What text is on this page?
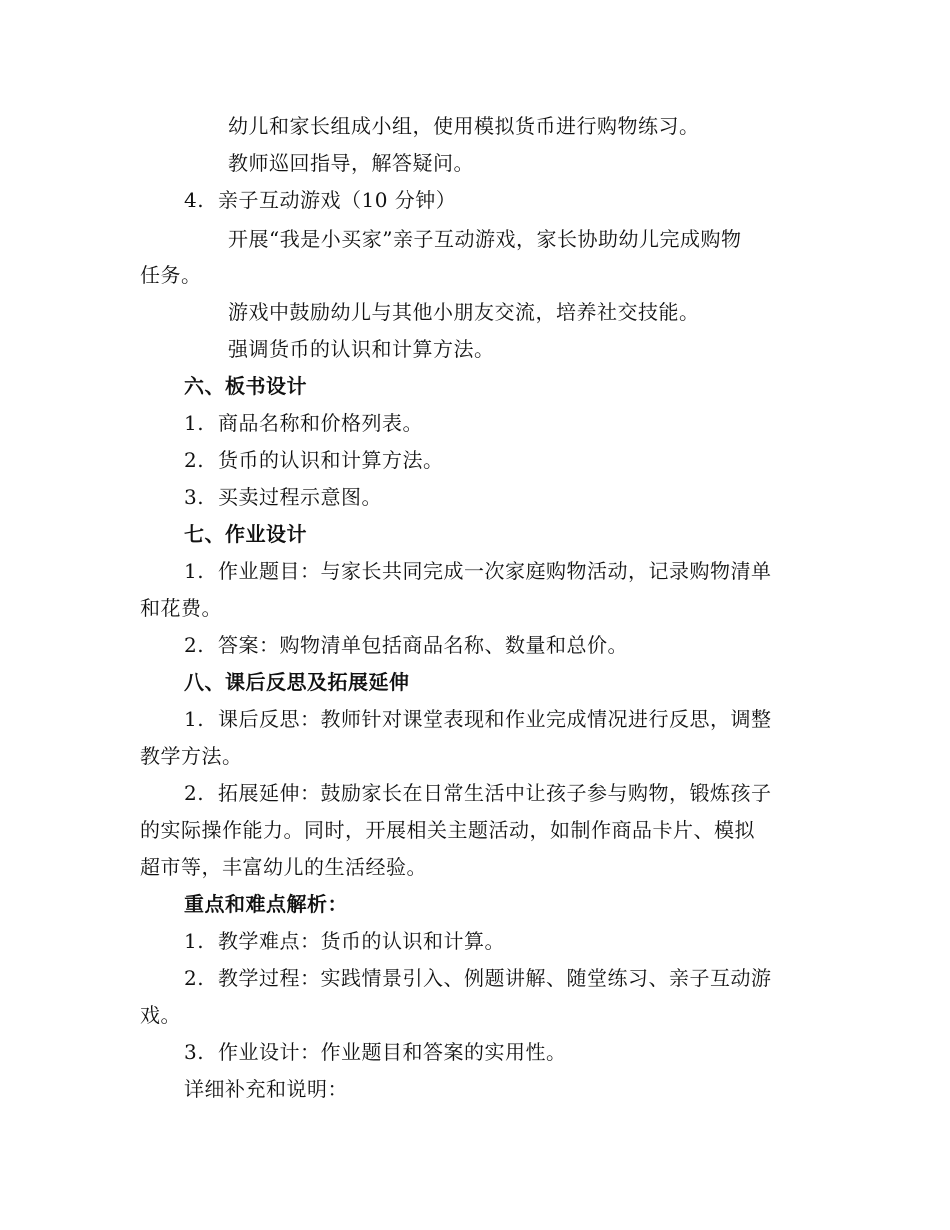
幼儿和家长组成小组，使用模拟货币进行购物练习。
教师巡回指导，解答疑问。
4. 亲子互动游戏（10 分钟）
开展“我是小买家”亲子互动游戏，家长协助幼儿完成购物
任务。
游戏中鼓励幼儿与其他小朋友交流，培养社交技能。
强调货币的认识和计算方法。
六、板书设计
1. 商品名称和价格列表。
2. 货币的认识和计算方法。
3. 买卖过程示意图。
七、作业设计
1. 作业题目：与家长共同完成一次家庭购物活动，记录购物清单
和花费。
2. 答案：购物清单包括商品名称、数量和总价。
八、课后反思及拓展延伸
1. 课后反思：教师针对课堂表现和作业完成情况进行反思，调整
教学方法。
2. 拓展延伸：鼓励家长在日常生活中让孩子参与购物，锻炼孩子
的实际操作能力。同时，开展相关主题活动，如制作商品卡片、模拟
超市等，丰富幼儿的生活经验。
重点和难点解析：
1. 教学难点：货币的认识和计算。
2. 教学过程：实践情景引入、例题讲解、随堂练习、亲子互动游
戏。
3. 作业设计：作业题目和答案的实用性。
详细补充和说明：
